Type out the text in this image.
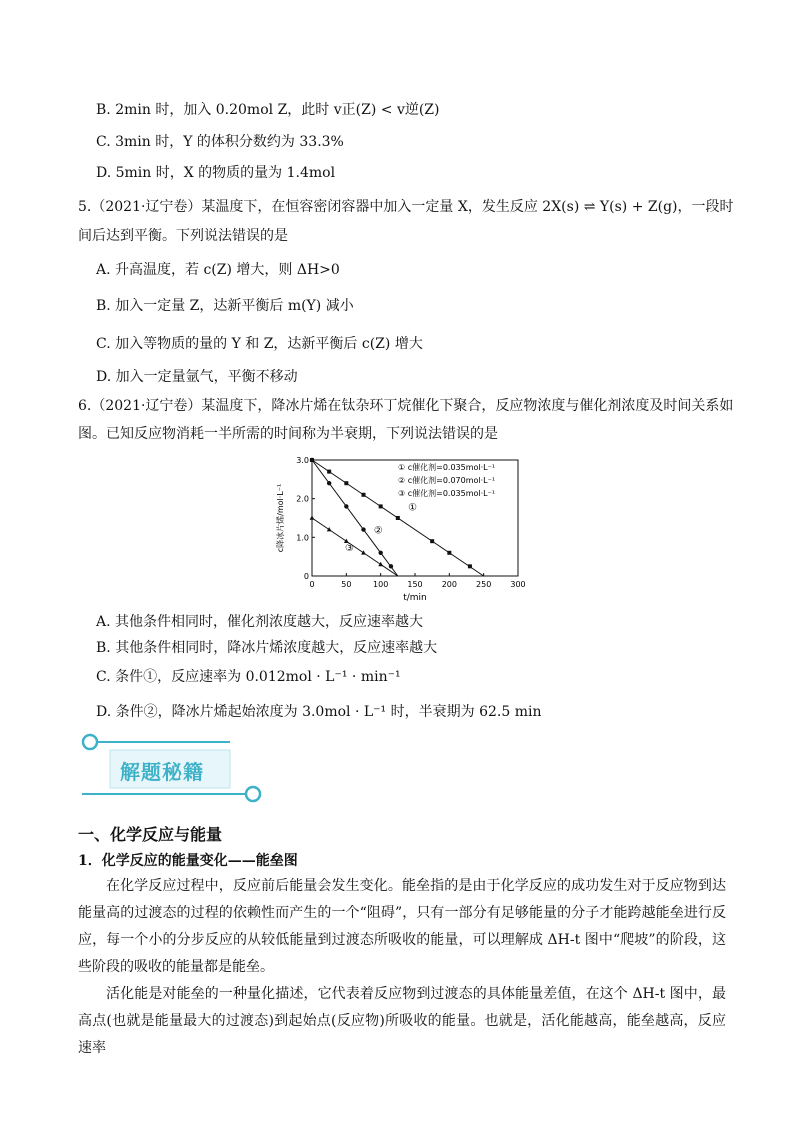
B. 2min 时，加入 0.20mol Z，此时 v正(Z) < v逆(Z)
C. 3min 时，Y 的体积分数约为 33.3%
D. 5min 时，X 的物质的量为 1.4mol
5.（2021·辽宁卷）某温度下，在恒容密闭容器中加入一定量 X，发生反应 2X(s) ⇌ Y(s) + Z(g)，一段时
间后达到平衡。下列说法错误的是
A. 升高温度，若 c(Z) 增大，则 ΔH>0
B. 加入一定量 Z，达新平衡后 m(Y) 减小
C. 加入等物质的量的 Y 和 Z，达新平衡后 c(Z) 增大
D. 加入一定量氩气，平衡不移动
6.（2021·辽宁卷）某温度下，降冰片烯在钛杂环丁烷催化下聚合，反应物浓度与催化剂浓度及时间关系如
图。已知反应物消耗一半所需的时间称为半衰期，下列说法错误的是
0	50	100 150 200 250 300
0
1.0
2.0
3.0
t/min
c降冰片烯/mol·L⁻¹	①
②
③
① c催化剂=0.035mol·L⁻¹
② c催化剂=0.070mol·L⁻¹
③ c催化剂=0.035mol·L⁻¹
A. 其他条件相同时，催化剂浓度越大，反应速率越大
B. 其他条件相同时，降冰片烯浓度越大，反应速率越大
C. 条件①，反应速率为 0.012mol · L⁻¹ · min⁻¹
D. 条件②，降冰片烯起始浓度为 3.0mol · L⁻¹ 时，半衰期为 62.5 min
解题秘籍
一、化学反应与能量
1．化学反应的能量变化——能垒图
在化学反应过程中，反应前后能量会发生变化。能垒指的是由于化学反应的成功发生对于反应物到达能量高的过渡态的过程的依赖性而产生的一个“阻碍”，只有一部分有足够能量的分子才能跨越能垒进行反应，每一个小的分步反应的从较低能量到过渡态所吸收的能量，可以理解成 ΔH-t 图中“爬坡”的阶段，这些阶段的吸收的能量都是能垒。
活化能是对能垒的一种量化描述，它代表着反应物到过渡态的具体能量差值，在这个 ΔH-t 图中，最高点(也就是能量最大的过渡态)到起始点(反应物)所吸收的能量。也就是，活化能越高，能垒越高，反应速率
